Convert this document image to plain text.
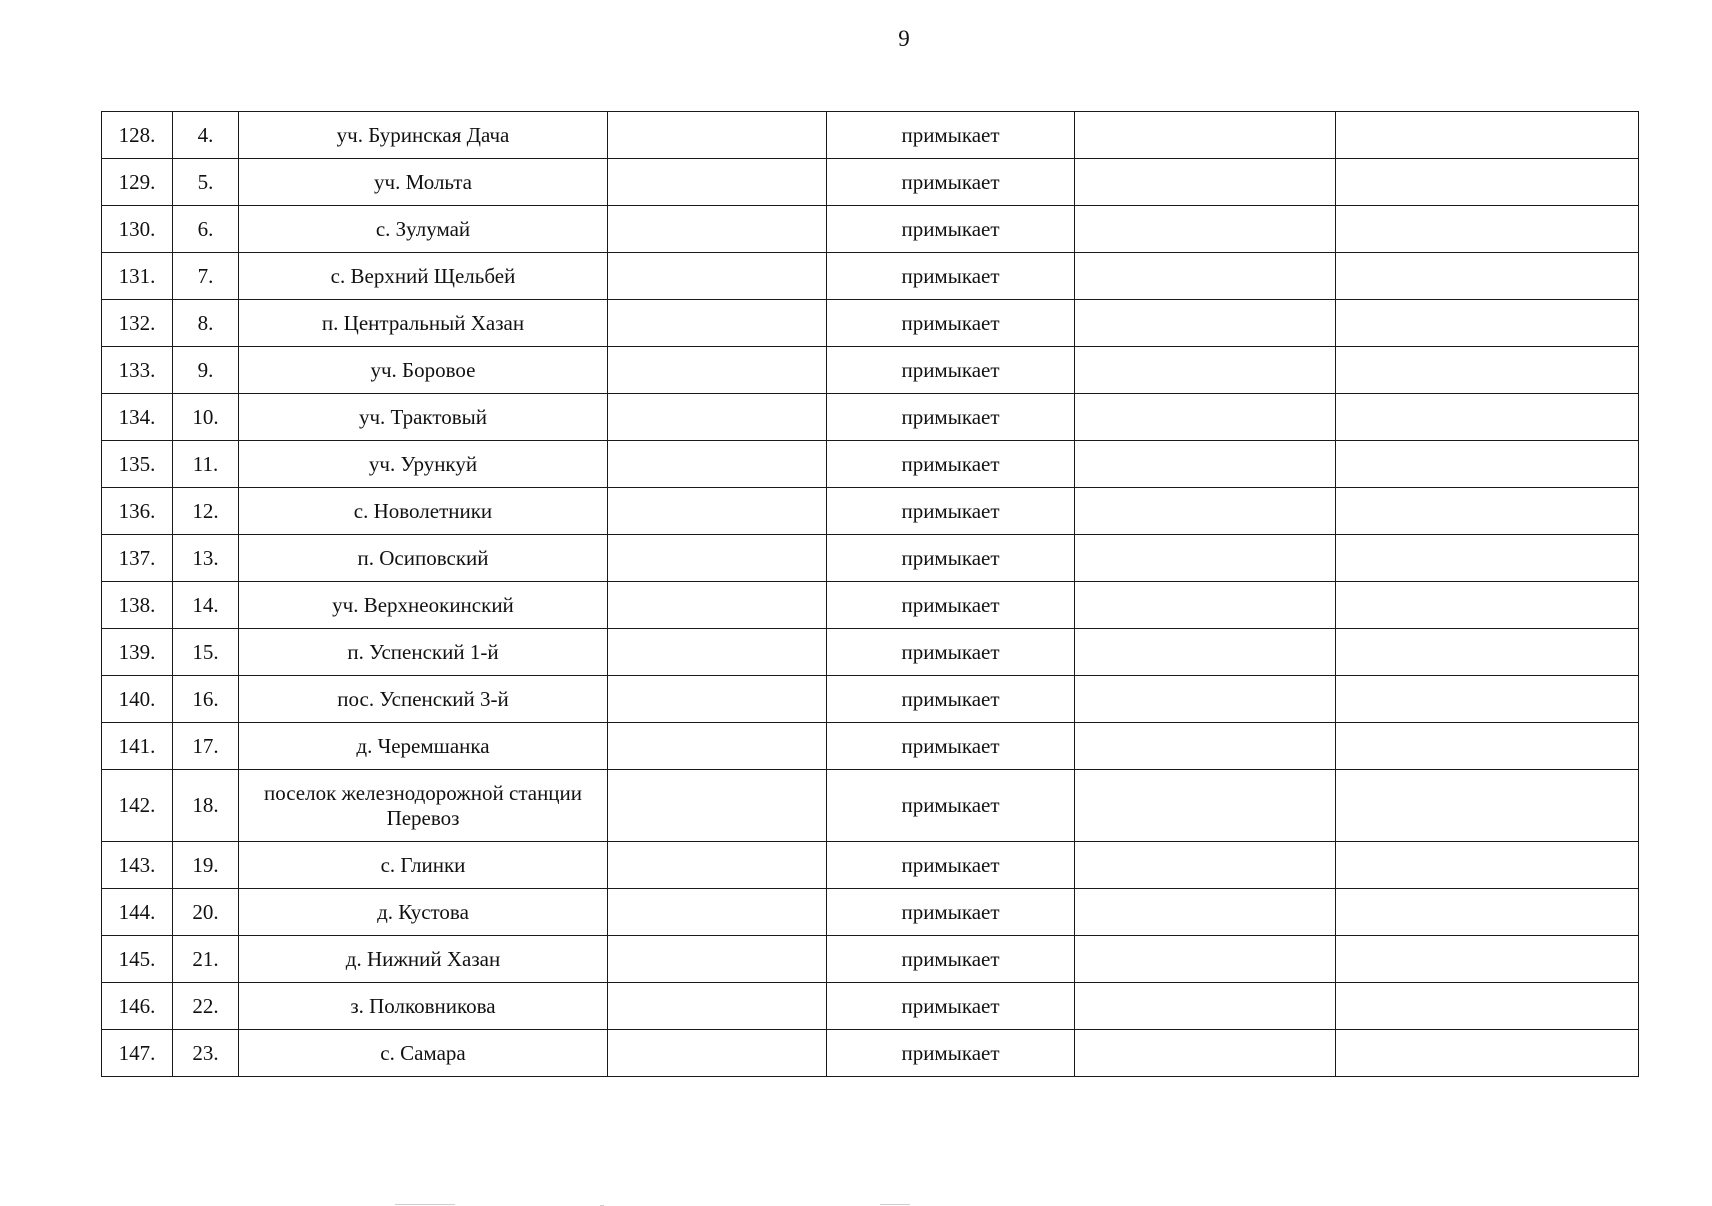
9
128.	4.	уч. Буринская Дача		примыкает		
129.	5.	уч. Мольта		примыкает		
130.	6.	с. Зулумай		примыкает		
131.	7.	с. Верхний Щельбей		примыкает		
132.	8.	п. Центральный Хазан		примыкает		
133.	9.	уч. Боровое		примыкает		
134.	10.	уч. Трактовый		примыкает		
135.	11.	уч. Урункуй		примыкает		
136.	12.	с. Новолетники		примыкает		
137.	13.	п. Осиповский		примыкает		
138.	14.	уч. Верхнеокинский		примыкает		
139.	15.	п. Успенский 1-й		примыкает		
140.	16.	пос. Успенский 3-й		примыкает		
141.	17.	д. Черемшанка		примыкает		
142.	18.	поселок железнодорожной станции Перевоз		примыкает		
143.	19.	с. Глинки		примыкает		
144.	20.	д. Кустова		примыкает		
145.	21.	д. Нижний Хазан		примыкает		
146.	22.	з. Полковникова		примыкает		
147.	23.	с. Самара		примыкает		
